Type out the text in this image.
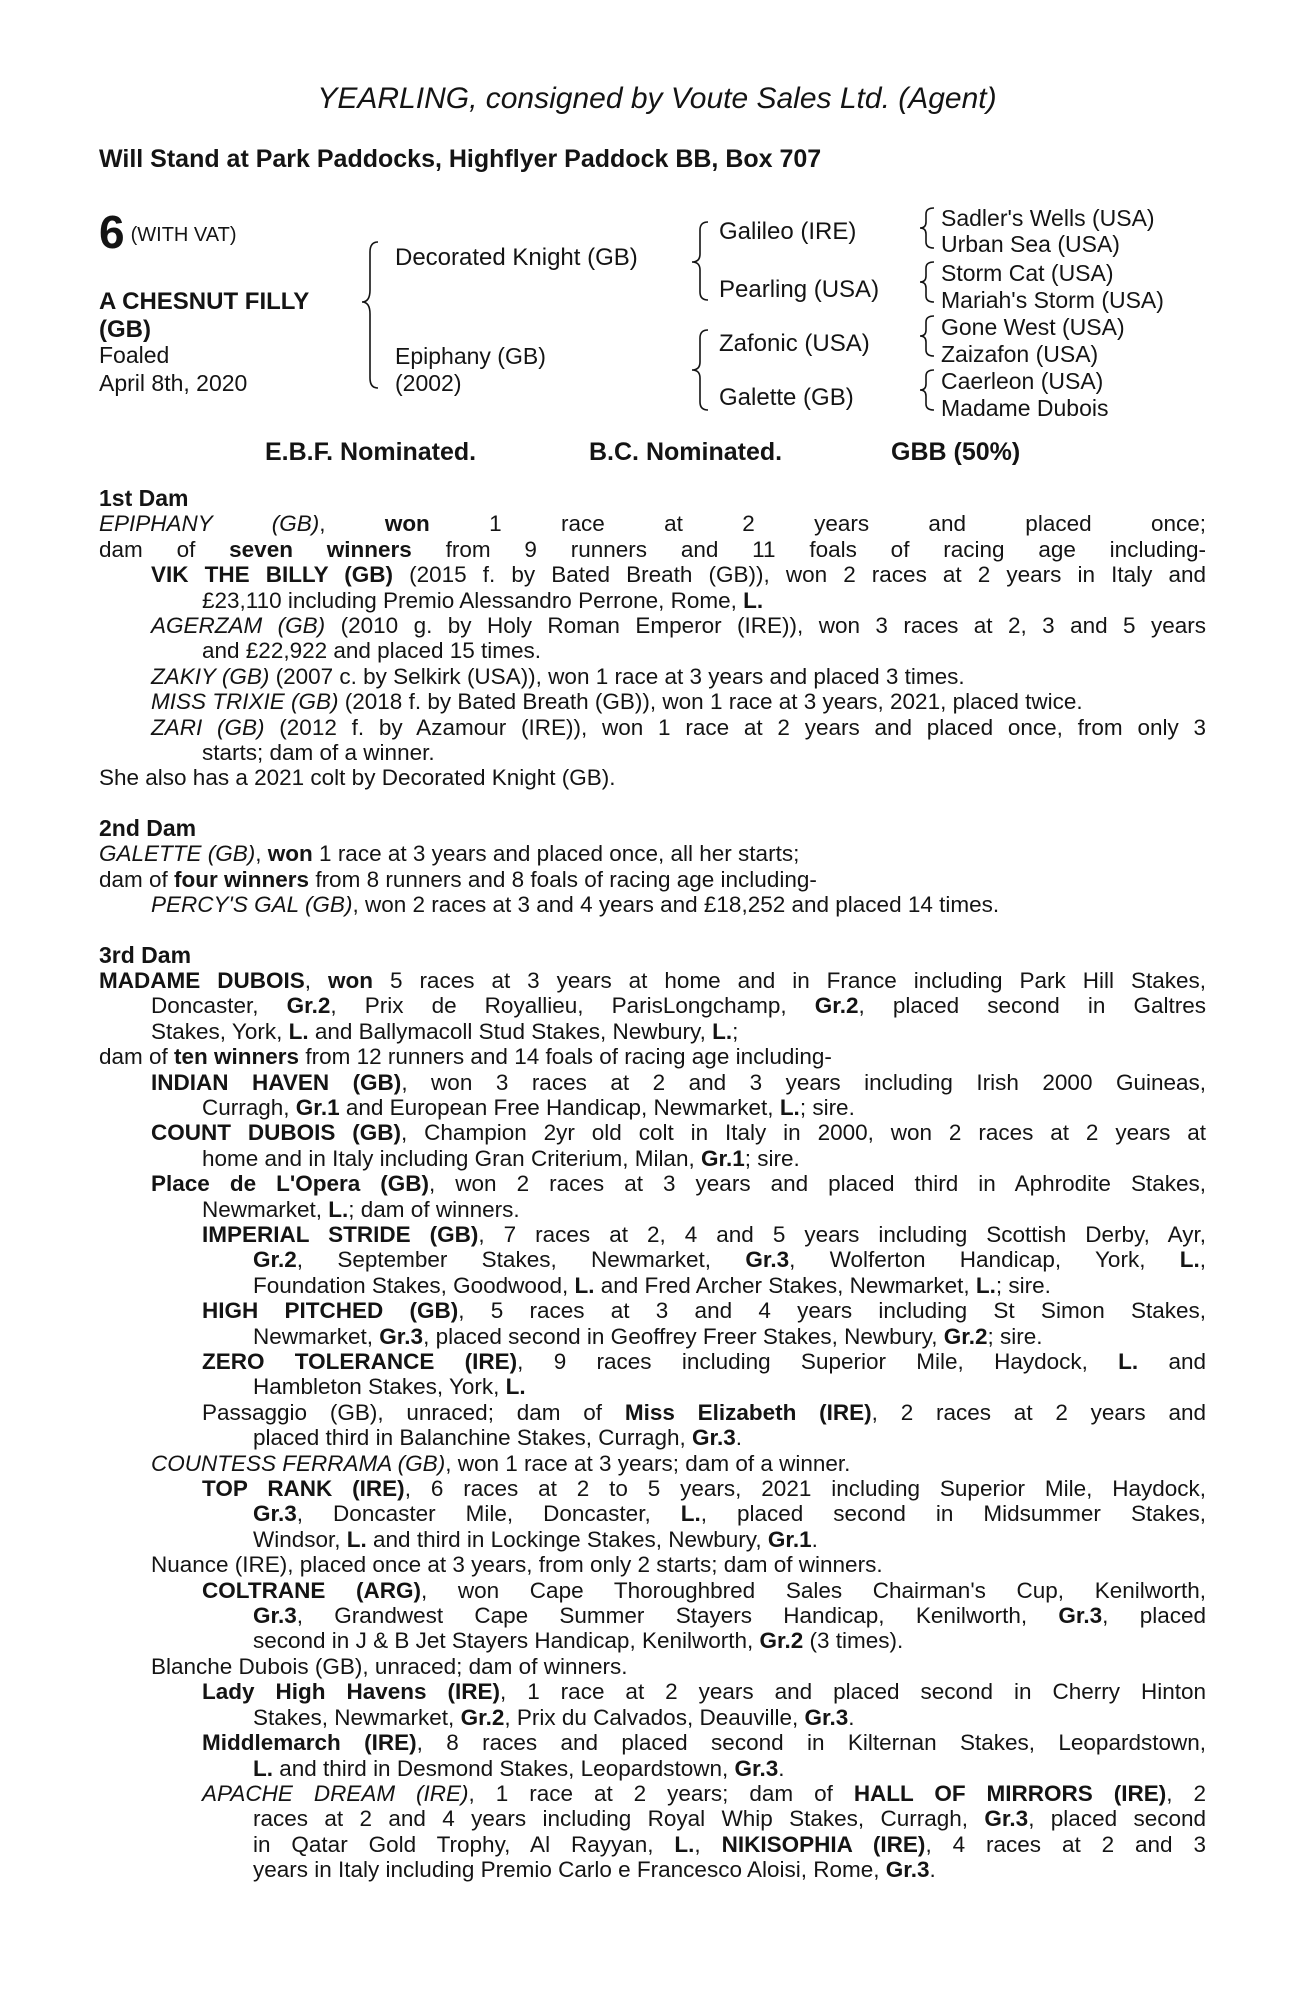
YEARLING, consigned by Voute Sales Ltd. (Agent)
Will Stand at Park Paddocks, Highflyer Paddock BB, Box 707
6 (WITH VAT)
A CHESNUT FILLY
(GB)
Foaled
April 8th, 2020
Decorated Knight (GB)
Epiphany (GB)
(2002)
Galileo (IRE)
Pearling (USA)
Zafonic (USA)
Galette (GB)
Sadler's Wells (USA)
Urban Sea (USA)
Storm Cat (USA)
Mariah's Storm (USA)
Gone West (USA)
Zaizafon (USA)
Caerleon (USA)
Madame Dubois
E.B.F. Nominated.	B.C. Nominated.	GBB (50%)
1st Dam
EPIPHANY (GB), won 1 race at 2 years and placed once;
dam of seven winners from 9 runners and 11 foals of racing age including-
VIK THE BILLY (GB) (2015 f. by Bated Breath (GB)), won 2 races at 2 years in Italy and
£23,110 including Premio Alessandro Perrone, Rome, L.
AGERZAM (GB) (2010 g. by Holy Roman Emperor (IRE)), won 3 races at 2, 3 and 5 years
and £22,922 and placed 15 times.
ZAKIY (GB) (2007 c. by Selkirk (USA)), won 1 race at 3 years and placed 3 times.
MISS TRIXIE (GB) (2018 f. by Bated Breath (GB)), won 1 race at 3 years, 2021, placed twice.
ZARI (GB) (2012 f. by Azamour (IRE)), won 1 race at 2 years and placed once, from only 3
starts; dam of a winner.
She also has a 2021 colt by Decorated Knight (GB).
2nd Dam
GALETTE (GB), won 1 race at 3 years and placed once, all her starts;
dam of four winners from 8 runners and 8 foals of racing age including-
PERCY'S GAL (GB), won 2 races at 3 and 4 years and £18,252 and placed 14 times.
3rd Dam
MADAME DUBOIS, won 5 races at 3 years at home and in France including Park Hill Stakes,
Doncaster, Gr.2, Prix de Royallieu, ParisLongchamp, Gr.2, placed second in Galtres
Stakes, York, L. and Ballymacoll Stud Stakes, Newbury, L.;
dam of ten winners from 12 runners and 14 foals of racing age including-
INDIAN HAVEN (GB), won 3 races at 2 and 3 years including Irish 2000 Guineas,
Curragh, Gr.1 and European Free Handicap, Newmarket, L.; sire.
COUNT DUBOIS (GB), Champion 2yr old colt in Italy in 2000, won 2 races at 2 years at
home and in Italy including Gran Criterium, Milan, Gr.1; sire.
Place de L'Opera (GB), won 2 races at 3 years and placed third in Aphrodite Stakes,
Newmarket, L.; dam of winners.
IMPERIAL STRIDE (GB), 7 races at 2, 4 and 5 years including Scottish Derby, Ayr,
Gr.2, September Stakes, Newmarket, Gr.3, Wolferton Handicap, York, L.,
Foundation Stakes, Goodwood, L. and Fred Archer Stakes, Newmarket, L.; sire.
HIGH PITCHED (GB), 5 races at 3 and 4 years including St Simon Stakes,
Newmarket, Gr.3, placed second in Geoffrey Freer Stakes, Newbury, Gr.2; sire.
ZERO TOLERANCE (IRE), 9 races including Superior Mile, Haydock, L. and
Hambleton Stakes, York, L.
Passaggio (GB), unraced; dam of Miss Elizabeth (IRE), 2 races at 2 years and
placed third in Balanchine Stakes, Curragh, Gr.3.
COUNTESS FERRAMA (GB), won 1 race at 3 years; dam of a winner.
TOP RANK (IRE), 6 races at 2 to 5 years, 2021 including Superior Mile, Haydock,
Gr.3, Doncaster Mile, Doncaster, L., placed second in Midsummer Stakes,
Windsor, L. and third in Lockinge Stakes, Newbury, Gr.1.
Nuance (IRE), placed once at 3 years, from only 2 starts; dam of winners.
COLTRANE (ARG), won Cape Thoroughbred Sales Chairman's Cup, Kenilworth,
Gr.3, Grandwest Cape Summer Stayers Handicap, Kenilworth, Gr.3, placed
second in J & B Jet Stayers Handicap, Kenilworth, Gr.2 (3 times).
Blanche Dubois (GB), unraced; dam of winners.
Lady High Havens (IRE), 1 race at 2 years and placed second in Cherry Hinton
Stakes, Newmarket, Gr.2, Prix du Calvados, Deauville, Gr.3.
Middlemarch (IRE), 8 races and placed second in Kilternan Stakes, Leopardstown,
L. and third in Desmond Stakes, Leopardstown, Gr.3.
APACHE DREAM (IRE), 1 race at 2 years; dam of HALL OF MIRRORS (IRE), 2
races at 2 and 4 years including Royal Whip Stakes, Curragh, Gr.3, placed second
in Qatar Gold Trophy, Al Rayyan, L., NIKISOPHIA (IRE), 4 races at 2 and 3
years in Italy including Premio Carlo e Francesco Aloisi, Rome, Gr.3.
